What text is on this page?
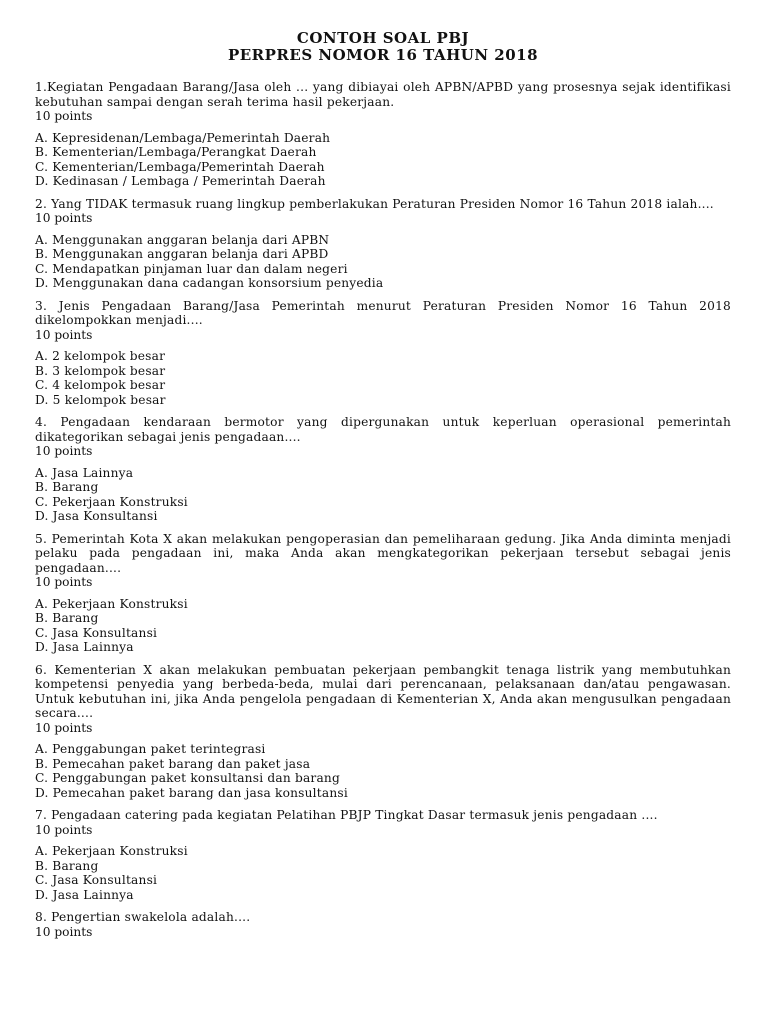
CONTOH SOAL PBJ

PERPRES NOMOR 16 TAHUN 2018

1.Kegiatan Pengadaan Barang/Jasa oleh ... yang dibiayai oleh APBN/APBD yang prosesnya sejak identifikasi kebutuhan sampai dengan serah terima hasil pekerjaan.

10 points

A. Kepresidenan/Lembaga/Pemerintah Daerah
B. Kementerian/Lembaga/Perangkat Daerah
C. Kementerian/Lembaga/Pemerintah Daerah
D. Kedinasan / Lembaga / Pemerintah Daerah

2. Yang TIDAK termasuk ruang lingkup pemberlakukan Peraturan Presiden Nomor 16 Tahun 2018 ialah....

10 points

A. Menggunakan anggaran belanja dari APBN
B. Menggunakan anggaran belanja dari APBD
C. Mendapatkan pinjaman luar dan dalam negeri
D. Menggunakan dana cadangan konsorsium penyedia

3. Jenis Pengadaan Barang/Jasa Pemerintah menurut Peraturan Presiden Nomor 16 Tahun 2018 dikelompokkan menjadi....

10 points

A. 2 kelompok besar
B. 3 kelompok besar
C. 4 kelompok besar
D. 5 kelompok besar

4. Pengadaan kendaraan bermotor yang dipergunakan untuk keperluan operasional pemerintah dikategorikan sebagai jenis pengadaan....

10 points

A. Jasa Lainnya
B. Barang
C. Pekerjaan Konstruksi
D. Jasa Konsultansi

5. Pemerintah Kota X akan melakukan pengoperasian dan pemeliharaan gedung. Jika Anda diminta menjadi pelaku pada pengadaan ini, maka Anda akan mengkategorikan pekerjaan tersebut sebagai jenis pengadaan....

10 points

A. Pekerjaan Konstruksi
B. Barang
C. Jasa Konsultansi
D. Jasa Lainnya

6. Kementerian X akan melakukan pembuatan pekerjaan pembangkit tenaga listrik yang membutuhkan kompetensi penyedia yang berbeda-beda, mulai dari perencanaan, pelaksanaan dan/atau pengawasan. Untuk kebutuhan ini, jika Anda pengelola pengadaan di Kementerian X, Anda akan mengusulkan pengadaan secara....

10 points

A. Penggabungan paket terintegrasi
B. Pemecahan paket barang dan paket jasa
C. Penggabungan paket konsultansi dan barang
D. Pemecahan paket barang dan jasa konsultansi

7. Pengadaan catering pada kegiatan Pelatihan PBJP Tingkat Dasar termasuk jenis pengadaan ....

10 points

A. Pekerjaan Konstruksi
B. Barang
C. Jasa Konsultansi
D. Jasa Lainnya

8. Pengertian swakelola adalah....

10 points
